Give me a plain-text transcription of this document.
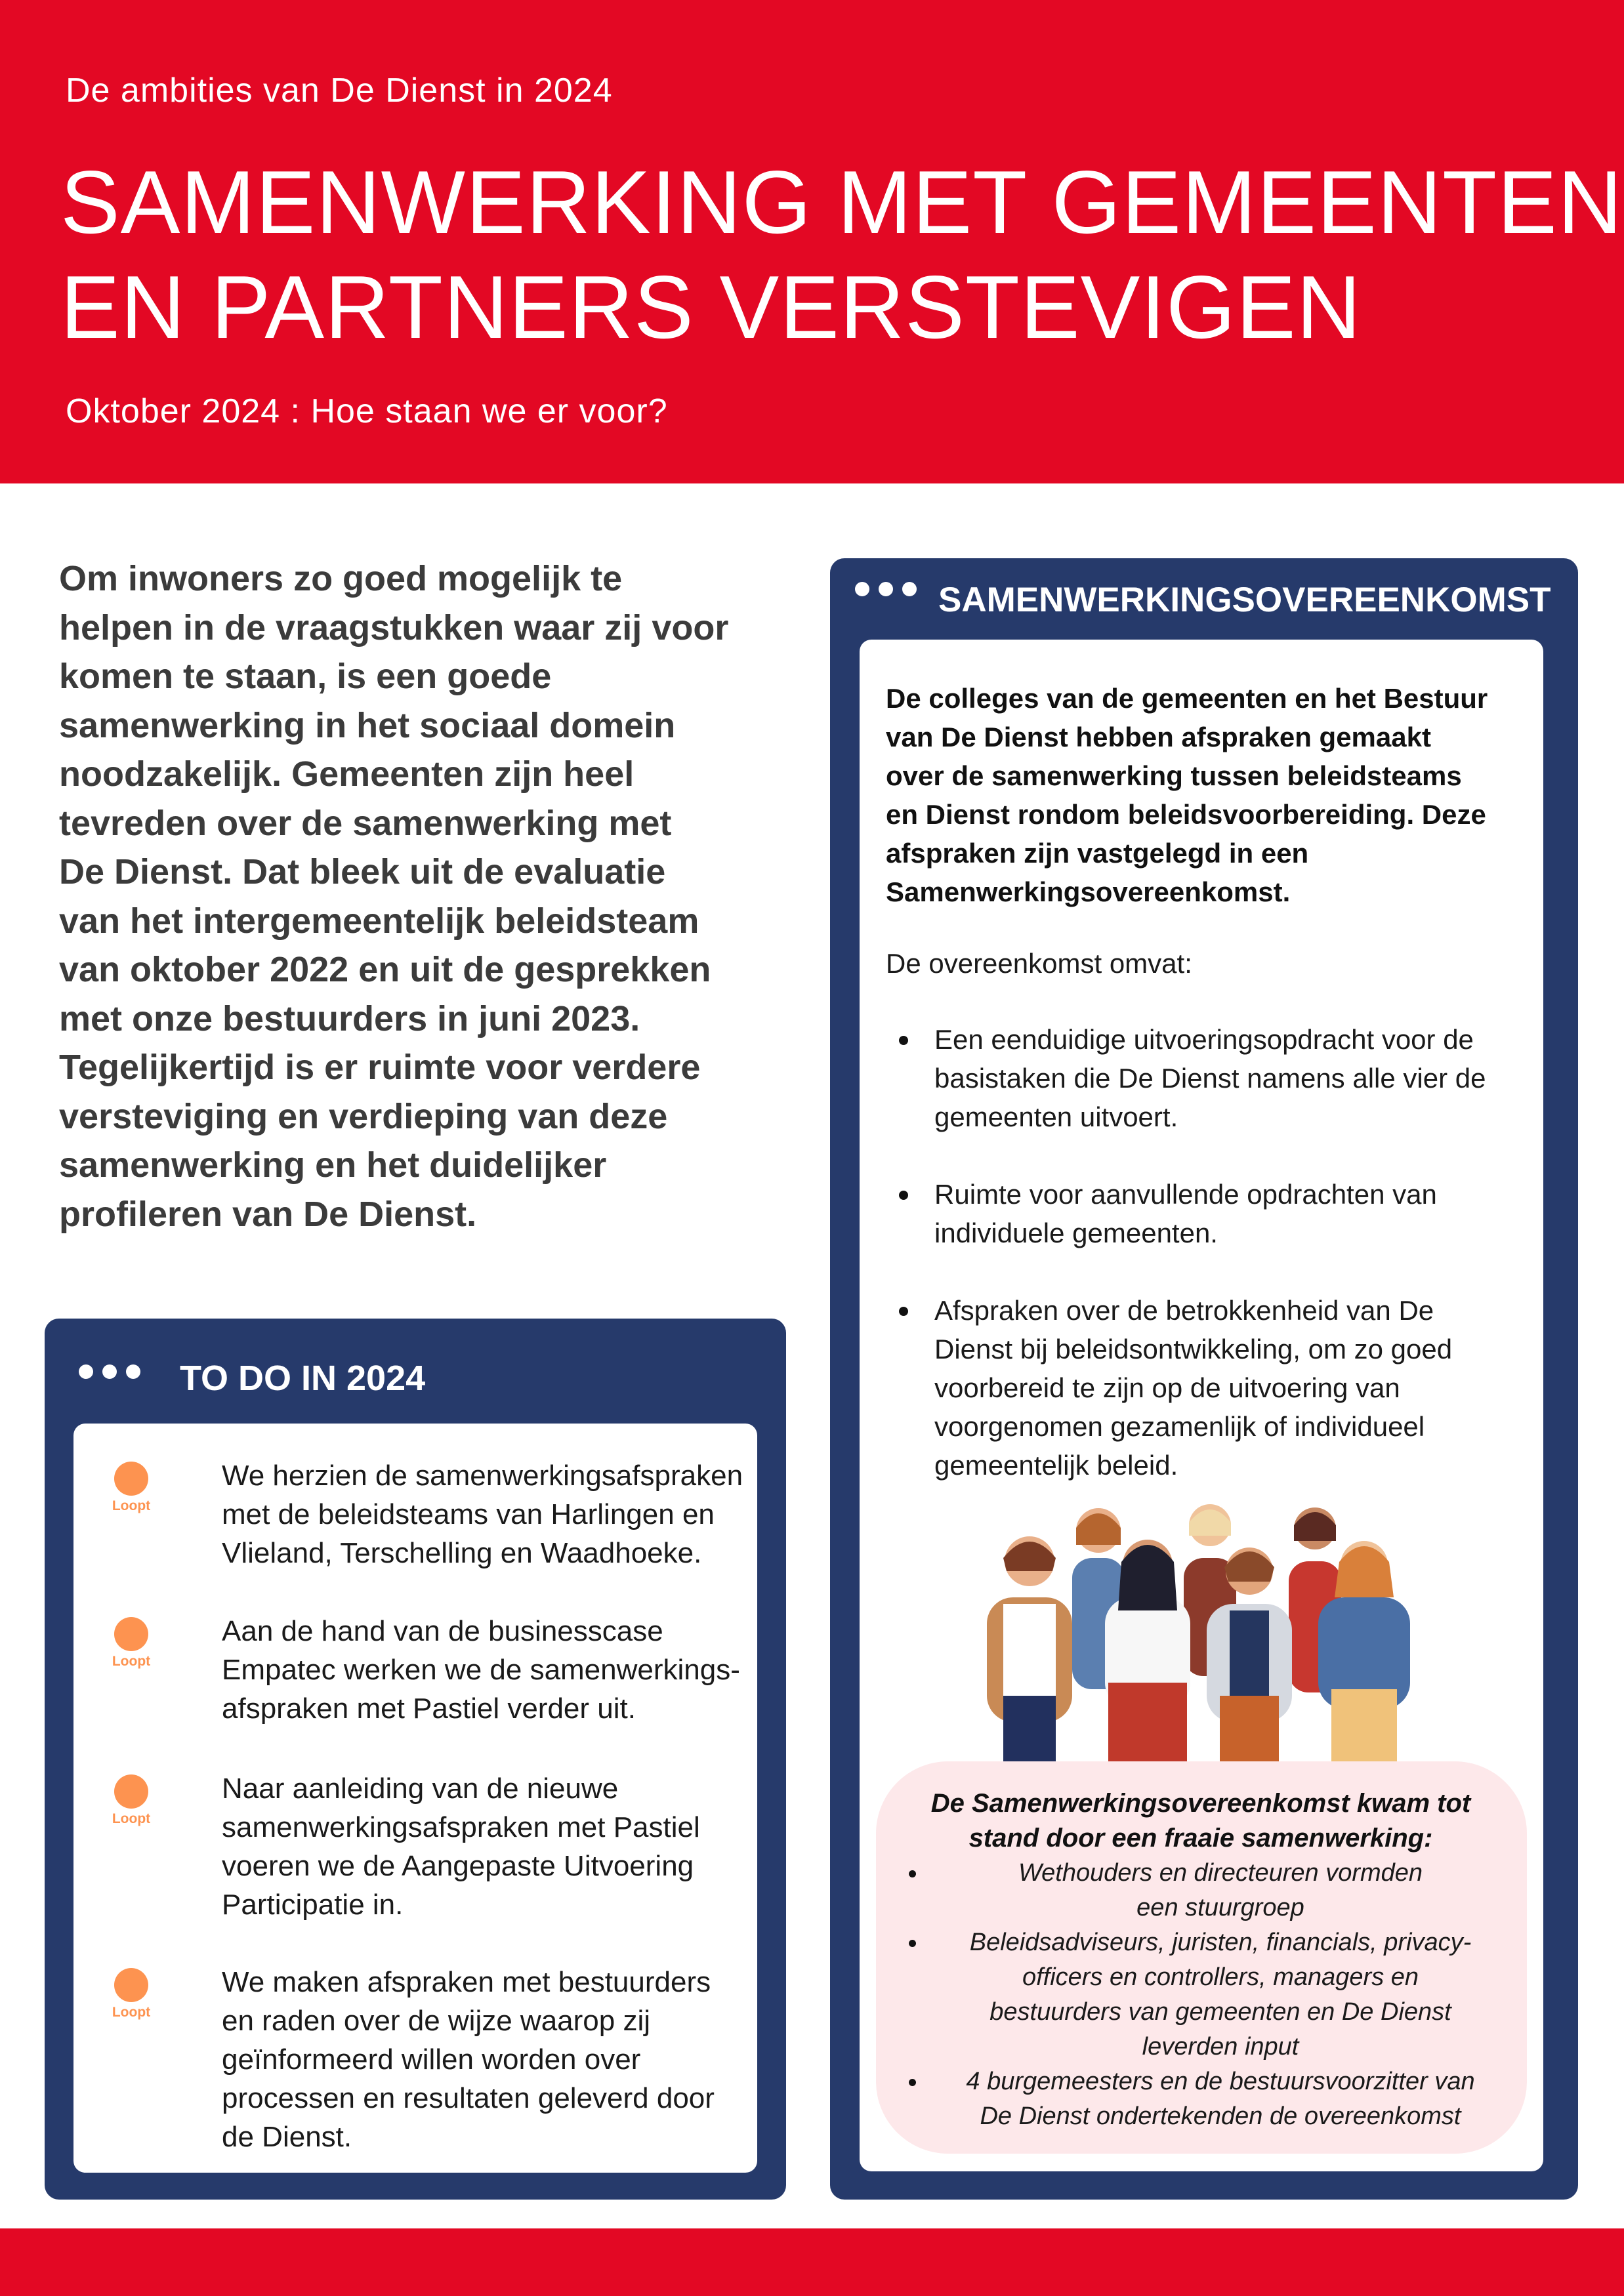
De ambities van De Dienst in 2024
SAMENWERKING MET GEMEENTEN
EN PARTNERS VERSTEVIGEN
Oktober 2024 : Hoe staan we er voor?

Om inwoners zo goed mogelijk te
helpen in de vraagstukken waar zij voor
komen te staan, is een goede
samenwerking in het sociaal domein
noodzakelijk. Gemeenten zijn heel
tevreden over de samenwerking met
De Dienst. Dat bleek uit de evaluatie
van het intergemeentelijk beleidsteam
van oktober 2022 en uit de gesprekken
met onze bestuurders in juni 2023.
Tegelijkertijd is er ruimte voor verdere
versteviging en verdieping van deze
samenwerking en het duidelijker
profileren van De Dienst.

TO DO IN 2024
Loopt

We herzien de samenwerkingsafspraken
met de beleidsteams van Harlingen en
Vlieland, Terschelling en Waadhoeke.

Loopt

Aan de hand van de businesscase
Empatec werken we de samenwerkings-
afspraken met Pastiel verder uit.

Loopt

Naar aanleiding van de nieuwe
samenwerkingsafspraken met Pastiel
voeren we de Aangepaste Uitvoering
Participatie in.

Loopt

We maken afspraken met bestuurders
en raden over de wijze waarop zij
geïnformeerd willen worden over
processen en resultaten geleverd door
de Dienst.

SAMENWERKINGSOVEREENKOMST

De colleges van de gemeenten en het Bestuur
van De Dienst hebben afspraken gemaakt
over de samenwerking tussen beleidsteams
en Dienst rondom beleidsvoorbereiding. Deze
afspraken zijn vastgelegd in een
Samenwerkingsovereenkomst.

De overeenkomst omvat:

Een eenduidige uitvoeringsopdracht voor de
basistaken die De Dienst namens alle vier de
gemeenten uitvoert.
Ruimte voor aanvullende opdrachten van
individuele gemeenten.
Afspraken over de betrokkenheid van De
Dienst bij beleidsontwikkeling, om zo goed
voorbereid te zijn op de uitvoering van
voorgenomen gezamenlijk of individueel
gemeentelijk beleid.

De Samenwerkingsovereenkomst kwam tot
stand door een fraaie samenwerking:

Wethouders en directeuren vormden
een stuurgroep
Beleidsadviseurs, juristen, financials, privacy-
officers en controllers, managers en
bestuurders van gemeenten en De Dienst
leverden input
4 burgemeesters en de bestuursvoorzitter van
De Dienst ondertekenden de overeenkomst
